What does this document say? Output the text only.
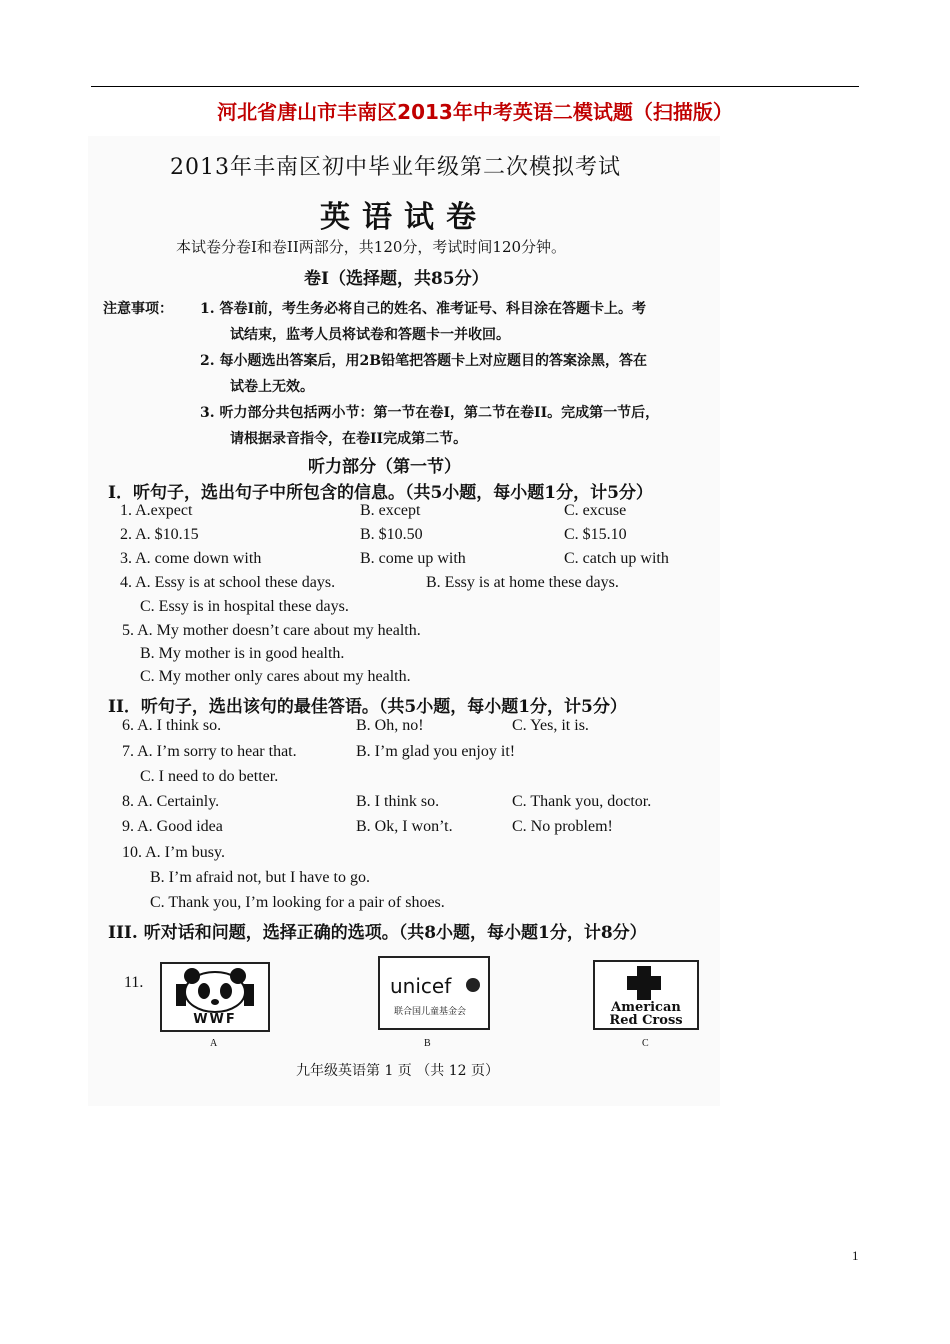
河北省唐山市丰南区2013年中考英语二模试题（扫描版）
2013年丰南区初中毕业年级第二次模拟考试
英语试卷
本试卷分卷I和卷II两部分，共120分，考试时间120分钟。
卷I（选择题，共85分）
注意事项： 1. 答卷I前，考生务必将自己的姓名、准考证号、科目涂在答题卡上。考
试结束，监考人员将试卷和答题卡一并收回。
2. 每小题选出答案后，用2B铅笔把答题卡上对应题目的答案涂黑，答在
试卷上无效。
3. 听力部分共包括两小节：第一节在卷I，第二节在卷II。完成第一节后，
请根据录音指令，在卷II完成第二节。
听力部分（第一节）
I．听句子，选出句子中所包含的信息。（共5小题，每小题1分，计5分）
1. A.expect	B. except	C. excuse
2. A. $10.15	B. $10.50	C. $15.10
3. A. come down with	B. come up with	C. catch up with
4. A. Essy is at school these days.	B. Essy is at home these days.
C. Essy is in hospital these days.
5. A. My mother doesn’t care about my health.
B. My mother is in good health.
C. My mother only cares about my health.
II．听句子，选出该句的最佳答语。（共5小题，每小题1分，计5分）
6. A. I think so.	B. Oh, no!	C. Yes, it is.
7. A. I’m sorry to hear that.	B. I’m glad you enjoy it!
C. I need to do better.
8. A. Certainly.	B. I think so.	C. Thank you, doctor.
9. A. Good idea	B. Ok, I won’t.	C. No problem!
10. A. I’m busy.
B. I’m afraid not, but I have to go.
C. Thank you, I’m looking for a pair of shoes.
III. 听对话和问题，选择正确的选项。（共8小题，每小题1分，计8分）
11.
WWF
A
unicef
联合国儿童基金会
B
American
Red Cross
C
九年级英语第 1 页 （共 12 页）
1
